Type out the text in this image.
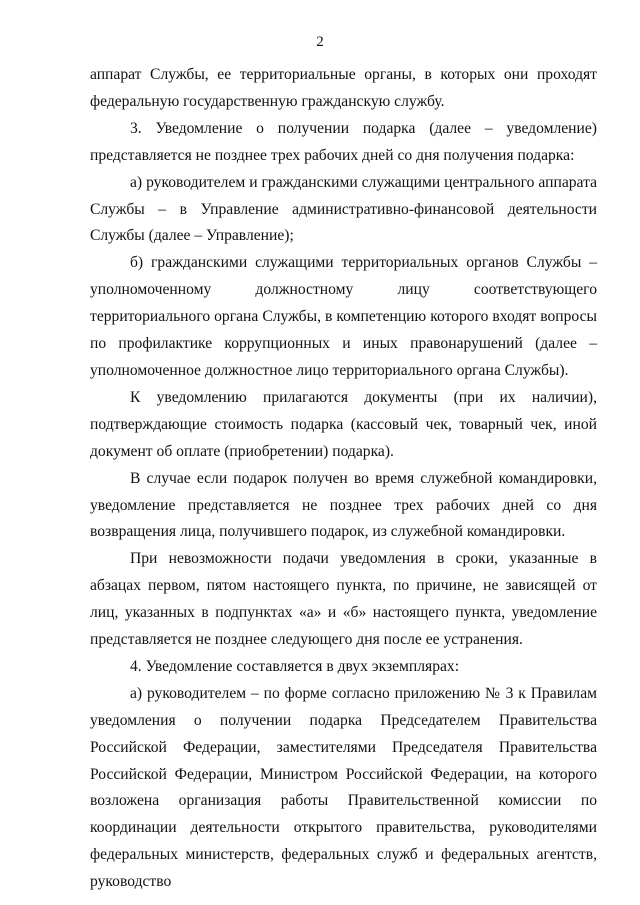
2

аппарат Службы, ее территориальные органы, в которых они проходят федеральную государственную гражданскую службу.

3. Уведомление о получении подарка (далее – уведомление) представляется не позднее трех рабочих дней со дня получения подарка:

а) руководителем и гражданскими служащими центрального аппарата Службы – в Управление административно-финансовой деятельности Службы (далее – Управление);

б) гражданскими служащими территориальных органов Службы – уполномоченному должностному лицу соответствующего территориального органа Службы, в компетенцию которого входят вопросы по профилактике коррупционных и иных правонарушений (далее – уполномоченное должностное лицо территориального органа Службы).

К уведомлению прилагаются документы (при их наличии), подтверждающие стоимость подарка (кассовый чек, товарный чек, иной документ об оплате (приобретении) подарка).

В случае если подарок получен во время служебной командировки, уведомление представляется не позднее трех рабочих дней со дня возвращения лица, получившего подарок, из служебной командировки.

При невозможности подачи уведомления в сроки, указанные в абзацах первом, пятом настоящего пункта, по причине, не зависящей от лиц, указанных в подпунктах «а» и «б» настоящего пункта, уведомление представляется не позднее следующего дня после ее устранения.

4. Уведомление составляется в двух экземплярах:

а) руководителем – по форме согласно приложению № 3 к Правилам уведомления о получении подарка Председателем Правительства Российской Федерации, заместителями Председателя Правительства Российской Федерации, Министром Российской Федерации, на которого возложена организация работы Правительственной комиссии по координации деятельности открытого правительства, руководителями федеральных министерств, федеральных служб и федеральных агентств, руководство
